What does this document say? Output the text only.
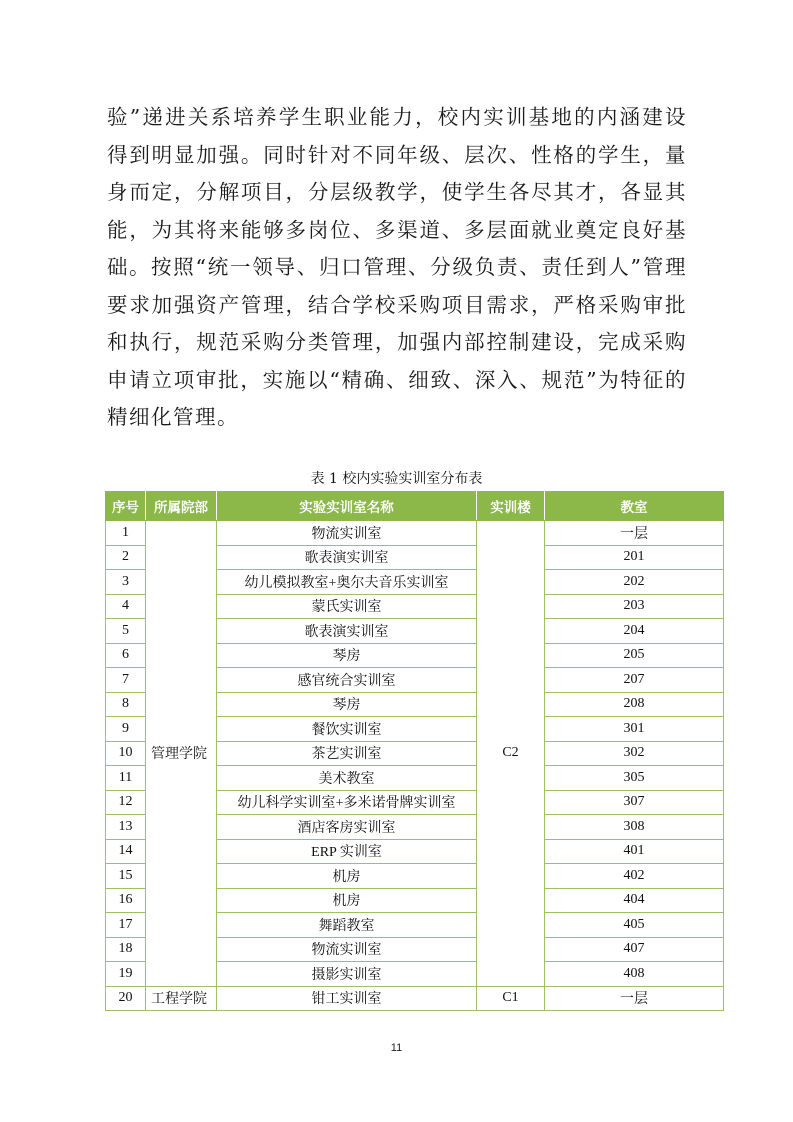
验”递进关系培养学生职业能力，校内实训基地的内涵建设得到明显加强。同时针对不同年级、层次、性格的学生，量身而定，分解项目，分层级教学，使学生各尽其才，各显其能，为其将来能够多岗位、多渠道、多层面就业奠定良好基础。 按照“统一领导、归口管理、分级负责、责任到人”管理要求加强资产管理，结合学校采购项目需求，严格采购审批和执行，规范采购分类管理，加强内部控制建设，完成采购申请立项审批，实施以“精确、细致、深入、规范”为特征的精细化管理。

表 1 校内实验实训室分布表
序号	所属院部	实验实训室名称	实训楼	教室
1	管理学院	物流实训室	C2	一层
2		歌表演实训室		201
3		幼儿模拟教室+奥尔夫音乐实训室		202
4		蒙氏实训室		203
5		歌表演实训室		204
6		琴房		205
7		感官统合实训室		207
8		琴房		208
9		餐饮实训室		301
10		茶艺实训室		302
11		美术教室		305
12		幼儿科学实训室+多米诺骨牌实训室		307
13		酒店客房实训室		308
14		ERP 实训室		401
15		机房		402
16		机房		404
17		舞蹈教室		405
18		物流实训室		407
19		摄影实训室		408
20	工程学院	钳工实训室	C1	一层
11
